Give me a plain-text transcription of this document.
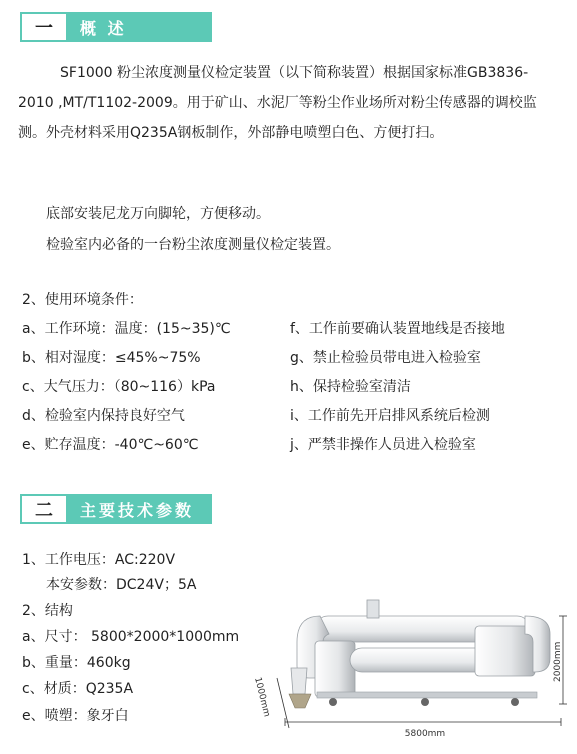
一	概 述

SF1000 粉尘浓度测量仪检定装置（以下简称装置）根据国家标准GB3836-2010 ,MT/T1102-2009。用于矿山、水泥厂等粉尘作业场所对粉尘传感器的调校监测。外壳材料采用Q235A钢板制作，外部静电喷塑白色、方便打扫。

底部安装尼龙万向脚轮，方便移动。
检验室内必备的一台粉尘浓度测量仪检定装置。
2、使用环境条件：
a、工作环境：温度：(15~35)℃
b、相对湿度：≤45%~75%
c、大气压力：（80~116）kPa
d、检验室内保持良好空气
e、贮存温度：-40℃~60℃
f、工作前要确认装置地线是否接地
g、禁止检验员带电进入检验室
h、保持检验室清洁
i、工作前先开启排风系统后检测
j、严禁非操作人员进入检验室
二	主要技术参数
1、工作电压：AC:220V
本安参数：DC24V；5A
2、结构
a、尺寸： 5800*2000*1000mm
b、重量：460kg
c、材质：Q235A
e、喷塑：象牙白
5800mm
2000mm
1000mm
